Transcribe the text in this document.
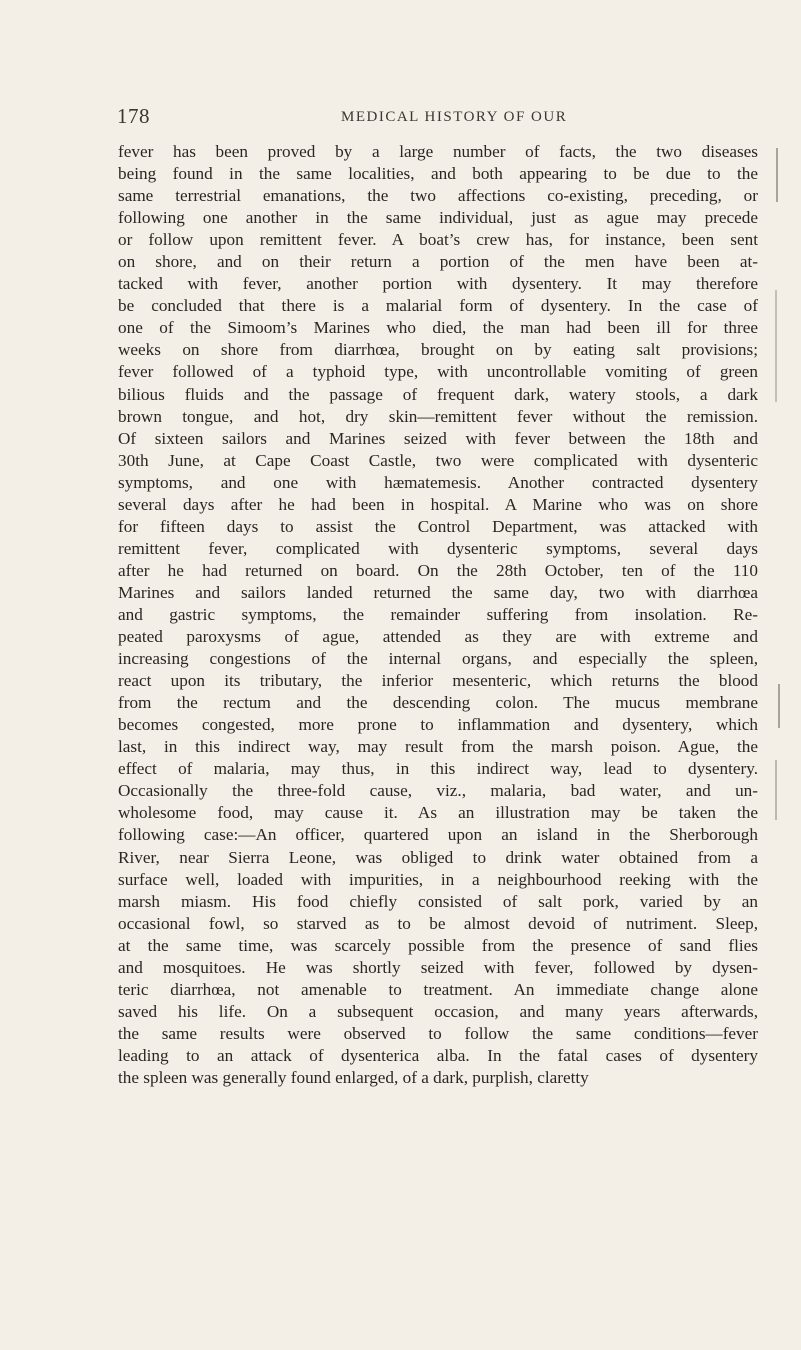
178	MEDICAL HISTORY OF OUR
fever has been proved by a large number of facts, the two diseases
being found in the same localities, and both appearing to be due to the
same terrestrial emanations, the two affections co-existing, preceding, or
following one another in the same individual, just as ague may precede
or follow upon remittent fever. A boat’s crew has, for instance, been sent
on shore, and on their return a portion of the men have been at-
tacked with fever, another portion with dysentery. It may therefore
be concluded that there is a malarial form of dysentery. In the case of
one of the Simoom’s Marines who died, the man had been ill for three
weeks on shore from diarrhœa, brought on by eating salt provisions;
fever followed of a typhoid type, with uncontrollable vomiting of green
bilious fluids and the passage of frequent dark, watery stools, a dark
brown tongue, and hot, dry skin—remittent fever without the remission.
Of sixteen sailors and Marines seized with fever between the 18th and
30th June, at Cape Coast Castle, two were complicated with dysenteric
symptoms, and one with hæmatemesis. Another contracted dysentery
several days after he had been in hospital. A Marine who was on shore
for fifteen days to assist the Control Department, was attacked with
remittent fever, complicated with dysenteric symptoms, several days
after he had returned on board. On the 28th October, ten of the 110
Marines and sailors landed returned the same day, two with diarrhœa
and gastric symptoms, the remainder suffering from insolation. Re-
peated paroxysms of ague, attended as they are with extreme and
increasing congestions of the internal organs, and especially the spleen,
react upon its tributary, the inferior mesenteric, which returns the blood
from the rectum and the descending colon. The mucus membrane
becomes congested, more prone to inflammation and dysentery, which
last, in this indirect way, may result from the marsh poison. Ague, the
effect of malaria, may thus, in this indirect way, lead to dysentery.
Occasionally the three-fold cause, viz., malaria, bad water, and un-
wholesome food, may cause it. As an illustration may be taken the
following case:—An officer, quartered upon an island in the Sherborough
River, near Sierra Leone, was obliged to drink water obtained from a
surface well, loaded with impurities, in a neighbourhood reeking with the
marsh miasm. His food chiefly consisted of salt pork, varied by an
occasional fowl, so starved as to be almost devoid of nutriment. Sleep,
at the same time, was scarcely possible from the presence of sand flies
and mosquitoes. He was shortly seized with fever, followed by dysen-
teric diarrhœa, not amenable to treatment. An immediate change alone
saved his life. On a subsequent occasion, and many years afterwards,
the same results were observed to follow the same conditions—fever
leading to an attack of dysenterica alba. In the fatal cases of dysentery
the spleen was generally found enlarged, of a dark, purplish, claretty
